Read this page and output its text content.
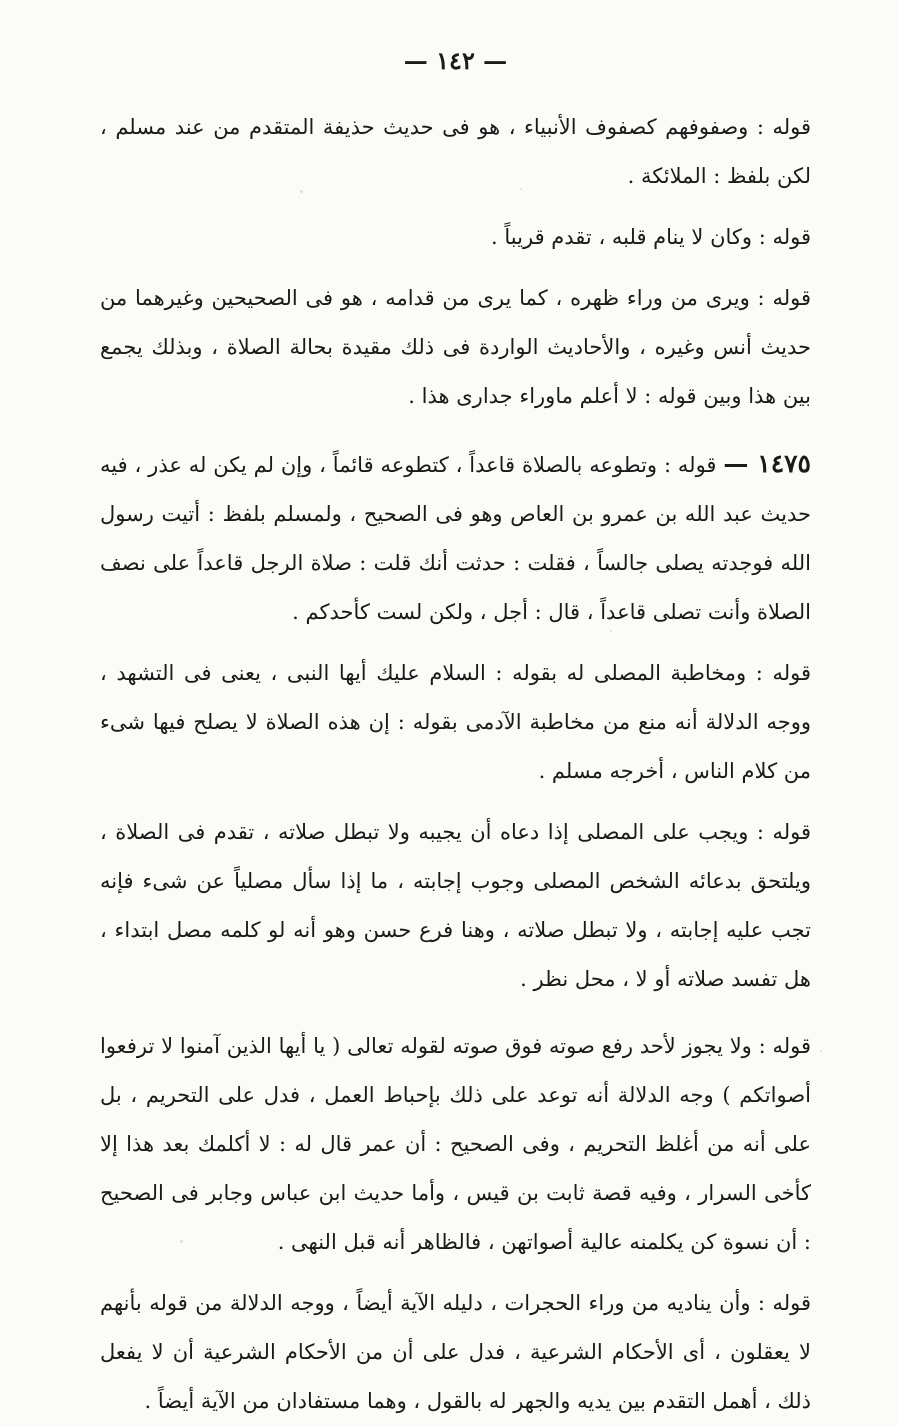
— ١٤٢ —

قوله : وصفوفهم كصفوف الأنبياء ، هو فى حديث حذيفة المتقدم من عند مسلم ، لكن بلفظ : الملائكة .

قوله : وكان لا ينام قلبه ، تقدم قريباً .

قوله : ويرى من وراء ظهره ، كما يرى من قدامه ، هو فى الصحيحين وغيرهما من حديث أنس وغيره ، والأحاديث الواردة فى ذلك مقيدة بحالة الصلاة ، وبذلك يجمع بين هذا وبين قوله : لا أعلم ماوراء جدارى هذا .

١٤٧٥ — قوله : وتطوعه بالصلاة قاعداً ، كتطوعه قائماً ، وإن لم يكن له عذر ، فيه حديث عبد الله بن عمرو بن العاص وهو فى الصحيح ، ولمسلم بلفظ : أتيت رسول الله فوجدته يصلى جالساً ، فقلت : حدثت أنك قلت : صلاة الرجل قاعداً على نصف الصلاة وأنت تصلى قاعداً ، قال : أجل ، ولكن لست كأحدكم .

قوله : ومخاطبة المصلى له بقوله : السلام عليك أيها النبى ، يعنى فى التشهد ، ووجه الدلالة أنه منع من مخاطبة الآدمى بقوله : إن هذه الصلاة لا يصلح فيها شىء من كلام الناس ، أخرجه مسلم .

قوله : ويجب على المصلى إذا دعاه أن يجيبه ولا تبطل صلاته ، تقدم فى الصلاة ، ويلتحق بدعائه الشخص المصلى وجوب إجابته ، ما إذا سأل مصلياً عن شىء فإنه تجب عليه إجابته ، ولا تبطل صلاته ، وهنا فرع حسن وهو أنه لو كلمه مصل ابتداء ، هل تفسد صلاته أو لا ، محل نظر .

قوله : ولا يجوز لأحد رفع صوته فوق صوته لقوله تعالى ( يا أيها الذين آمنوا لا ترفعوا أصواتكم ) وجه الدلالة أنه توعد على ذلك بإحباط العمل ، فدل على التحريم ، بل على أنه من أغلظ التحريم ، وفى الصحيح : أن عمر قال له : لا أكلمك بعد هذا إلا كأخى السرار ، وفيه قصة ثابت بن قيس ، وأما حديث ابن عباس وجابر فى الصحيح : أن نسوة كن يكلمنه عالية أصواتهن ، فالظاهر أنه قبل النهى .

قوله : وأن يناديه من وراء الحجرات ، دليله الآية أيضاً ، ووجه الدلالة من قوله بأنهم لا يعقلون ، أى الأحكام الشرعية ، فدل على أن من الأحكام الشرعية أن لا يفعل ذلك ، أهمل التقدم بين يديه والجهر له بالقول ، وهما مستفادان من الآية أيضاً .
